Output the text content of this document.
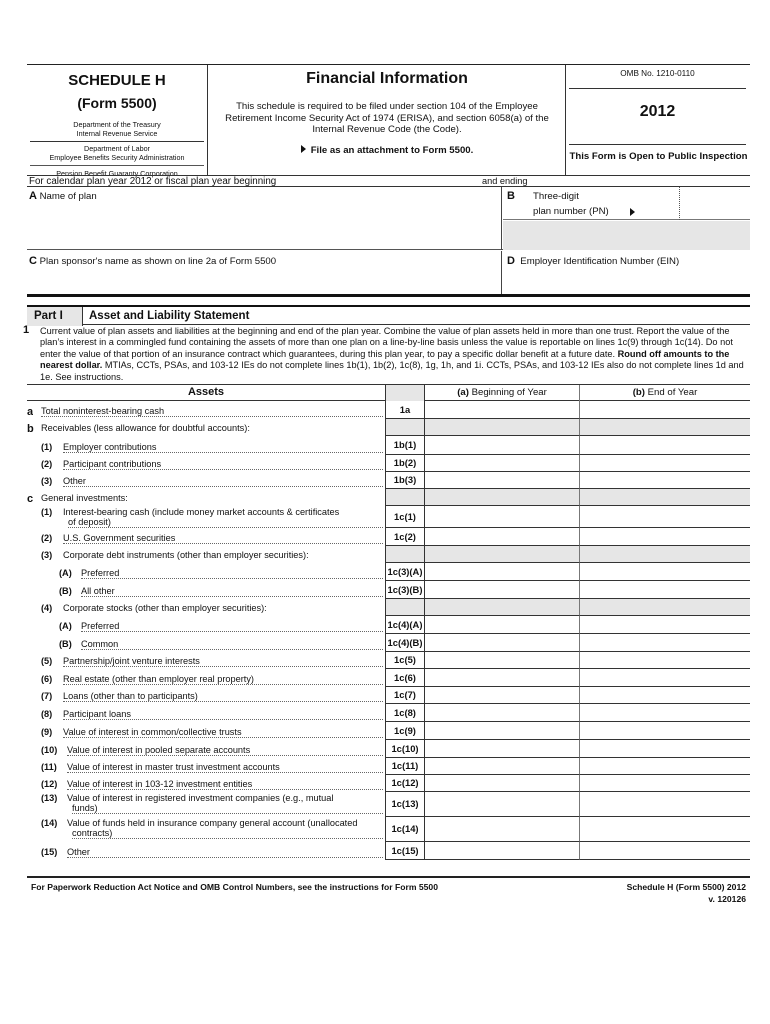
SCHEDULE H
(Form 5500)
Department of the Treasury
Internal Revenue Service
Department of Labor
Employee Benefits Security Administration
Pension Benefit Guaranty Corporation
Financial Information
This schedule is required to be filed under section 104 of the Employee Retirement Income Security Act of 1974 (ERISA), and section 6058(a) of the Internal Revenue Code (the Code).
File as an attachment to Form 5500.
OMB No. 1210-0110
2012
This Form is Open to Public Inspection
For calendar plan year 2012 or fiscal plan year beginning	and ending
A Name of plan	B Three-digit
plan number (PN)
C Plan sponsor's name as shown on line 2a of Form 5500	D Employer Identification Number (EIN)
Part I	Asset and Liability Statement
1 Current value of plan assets and liabilities at the beginning and end of the plan year. Combine the value of plan assets held in more than one trust. Report the value of the plan’s interest in a commingled fund containing the assets of more than one plan on a line-by-line basis unless the value is reportable on lines 1c(9) through 1c(14). Do not enter the value of that portion of an insurance contract which guarantees, during this plan year, to pay a specific dollar benefit at a future date. Round off amounts to the nearest dollar. MTIAs, CCTs, PSAs, and 103-12 IEs do not complete lines 1b(1), 1b(2), 1c(8), 1g, 1h, and 1i. CCTs, PSAs, and 103-12 IEs also do not complete lines 1d and 1e. See instructions.
Assets	(a) Beginning of Year	(b) End of Year
a Total noninterest-bearing cash	1a
b Receivables (less allowance for doubtful accounts):
(1) Employer contributions	1b(1)
(2) Participant contributions	1b(2)
(3) Other	1b(3)
c General investments:
(1) Interest-bearing cash (include money market accounts & certificates
of deposit)	1c(1)
(2) U.S. Government securities	1c(2)
(3) Corporate debt instruments (other than employer securities):
(A) Preferred	1c(3)(A)
(B) All other	1c(3)(B)
(4) Corporate stocks (other than employer securities):
(A) Preferred	1c(4)(A)
(B) Common	1c(4)(B)
(5) Partnership/joint venture interests	1c(5)
(6) Real estate (other than employer real property)	1c(6)
(7) Loans (other than to participants)	1c(7)
(8) Participant loans	1c(8)
(9) Value of interest in common/collective trusts	1c(9)
(10) Value of interest in pooled separate accounts	1c(10)
(11) Value of interest in master trust investment accounts	1c(11)
(12) Value of interest in 103-12 investment entities	1c(12)
(13) Value of interest in registered investment companies (e.g., mutual
funds)	1c(13)
(14) Value of funds held in insurance company general account (unallocated
contracts)	1c(14)
(15) Other	1c(15)
For Paperwork Reduction Act Notice and OMB Control Numbers, see the instructions for Form 5500	Schedule H (Form 5500) 2012
v. 120126
